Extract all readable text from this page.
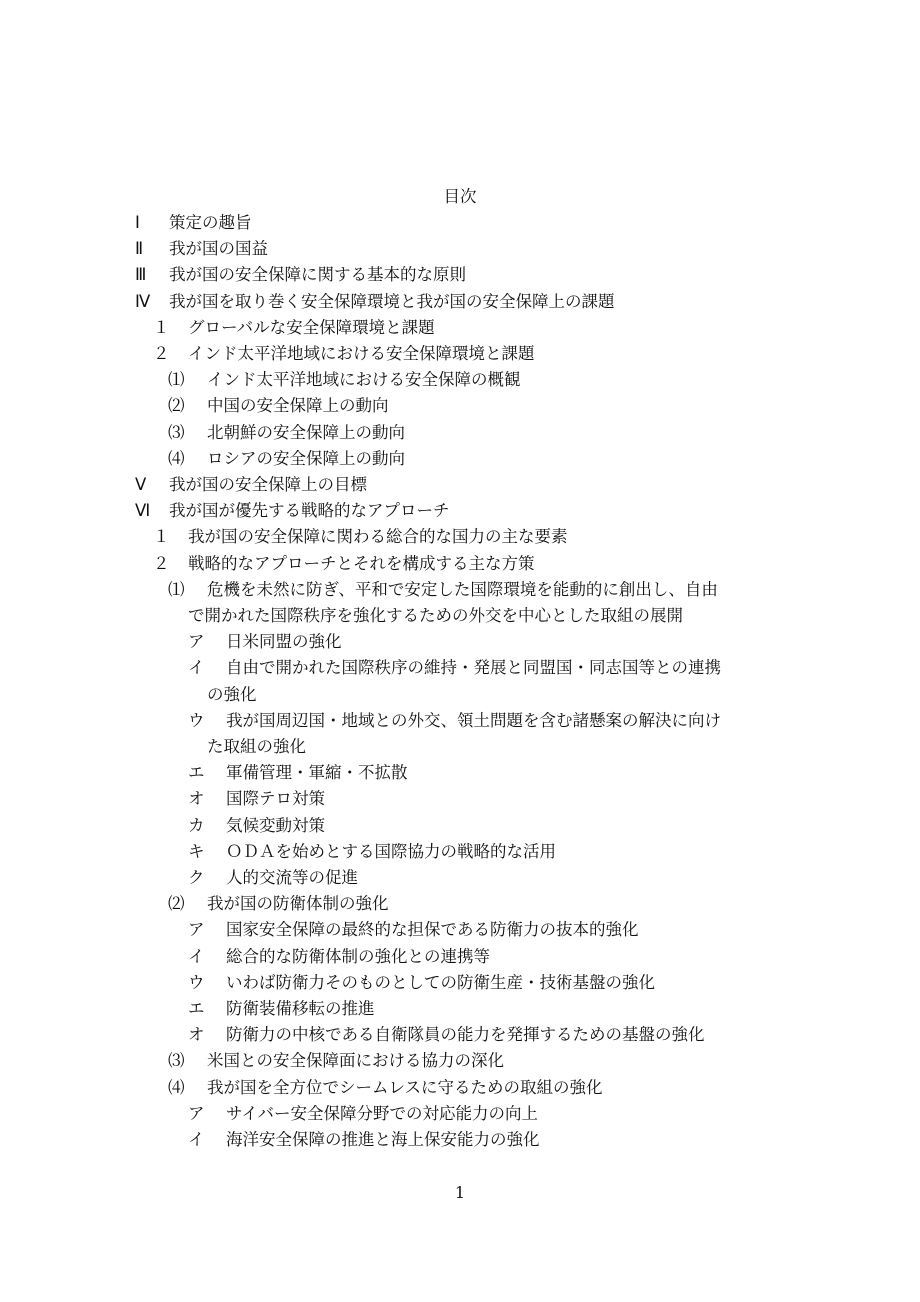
目次
Ⅰ 策定の趣旨
Ⅱ 我が国の国益
Ⅲ 我が国の安全保障に関する基本的な原則
Ⅳ 我が国を取り巻く安全保障環境と我が国の安全保障上の課題
１ グローバルな安全保障環境と課題
２ インド太平洋地域における安全保障環境と課題
⑴ インド太平洋地域における安全保障の概観
⑵ 中国の安全保障上の動向
⑶ 北朝鮮の安全保障上の動向
⑷ ロシアの安全保障上の動向
Ⅴ 我が国の安全保障上の目標
Ⅵ 我が国が優先する戦略的なアプローチ
１ 我が国の安全保障に関わる総合的な国力の主な要素
２ 戦略的なアプローチとそれを構成する主な方策
⑴ 危機を未然に防ぎ、平和で安定した国際環境を能動的に創出し、自由
で開かれた国際秩序を強化するための外交を中心とした取組の展開
ア 日米同盟の強化
イ 自由で開かれた国際秩序の維持・発展と同盟国・同志国等との連携
の強化
ウ 我が国周辺国・地域との外交、領土問題を含む諸懸案の解決に向け
た取組の強化
エ 軍備管理・軍縮・不拡散
オ 国際テロ対策
カ 気候変動対策
キ ＯＤＡを始めとする国際協力の戦略的な活用
ク 人的交流等の促進
⑵ 我が国の防衛体制の強化
ア 国家安全保障の最終的な担保である防衛力の抜本的強化
イ 総合的な防衛体制の強化との連携等
ウ いわば防衛力そのものとしての防衛生産・技術基盤の強化
エ 防衛装備移転の推進
オ 防衛力の中核である自衛隊員の能力を発揮するための基盤の強化
⑶ 米国との安全保障面における協力の深化
⑷ 我が国を全方位でシームレスに守るための取組の強化
ア サイバー安全保障分野での対応能力の向上
イ 海洋安全保障の推進と海上保安能力の強化
1
